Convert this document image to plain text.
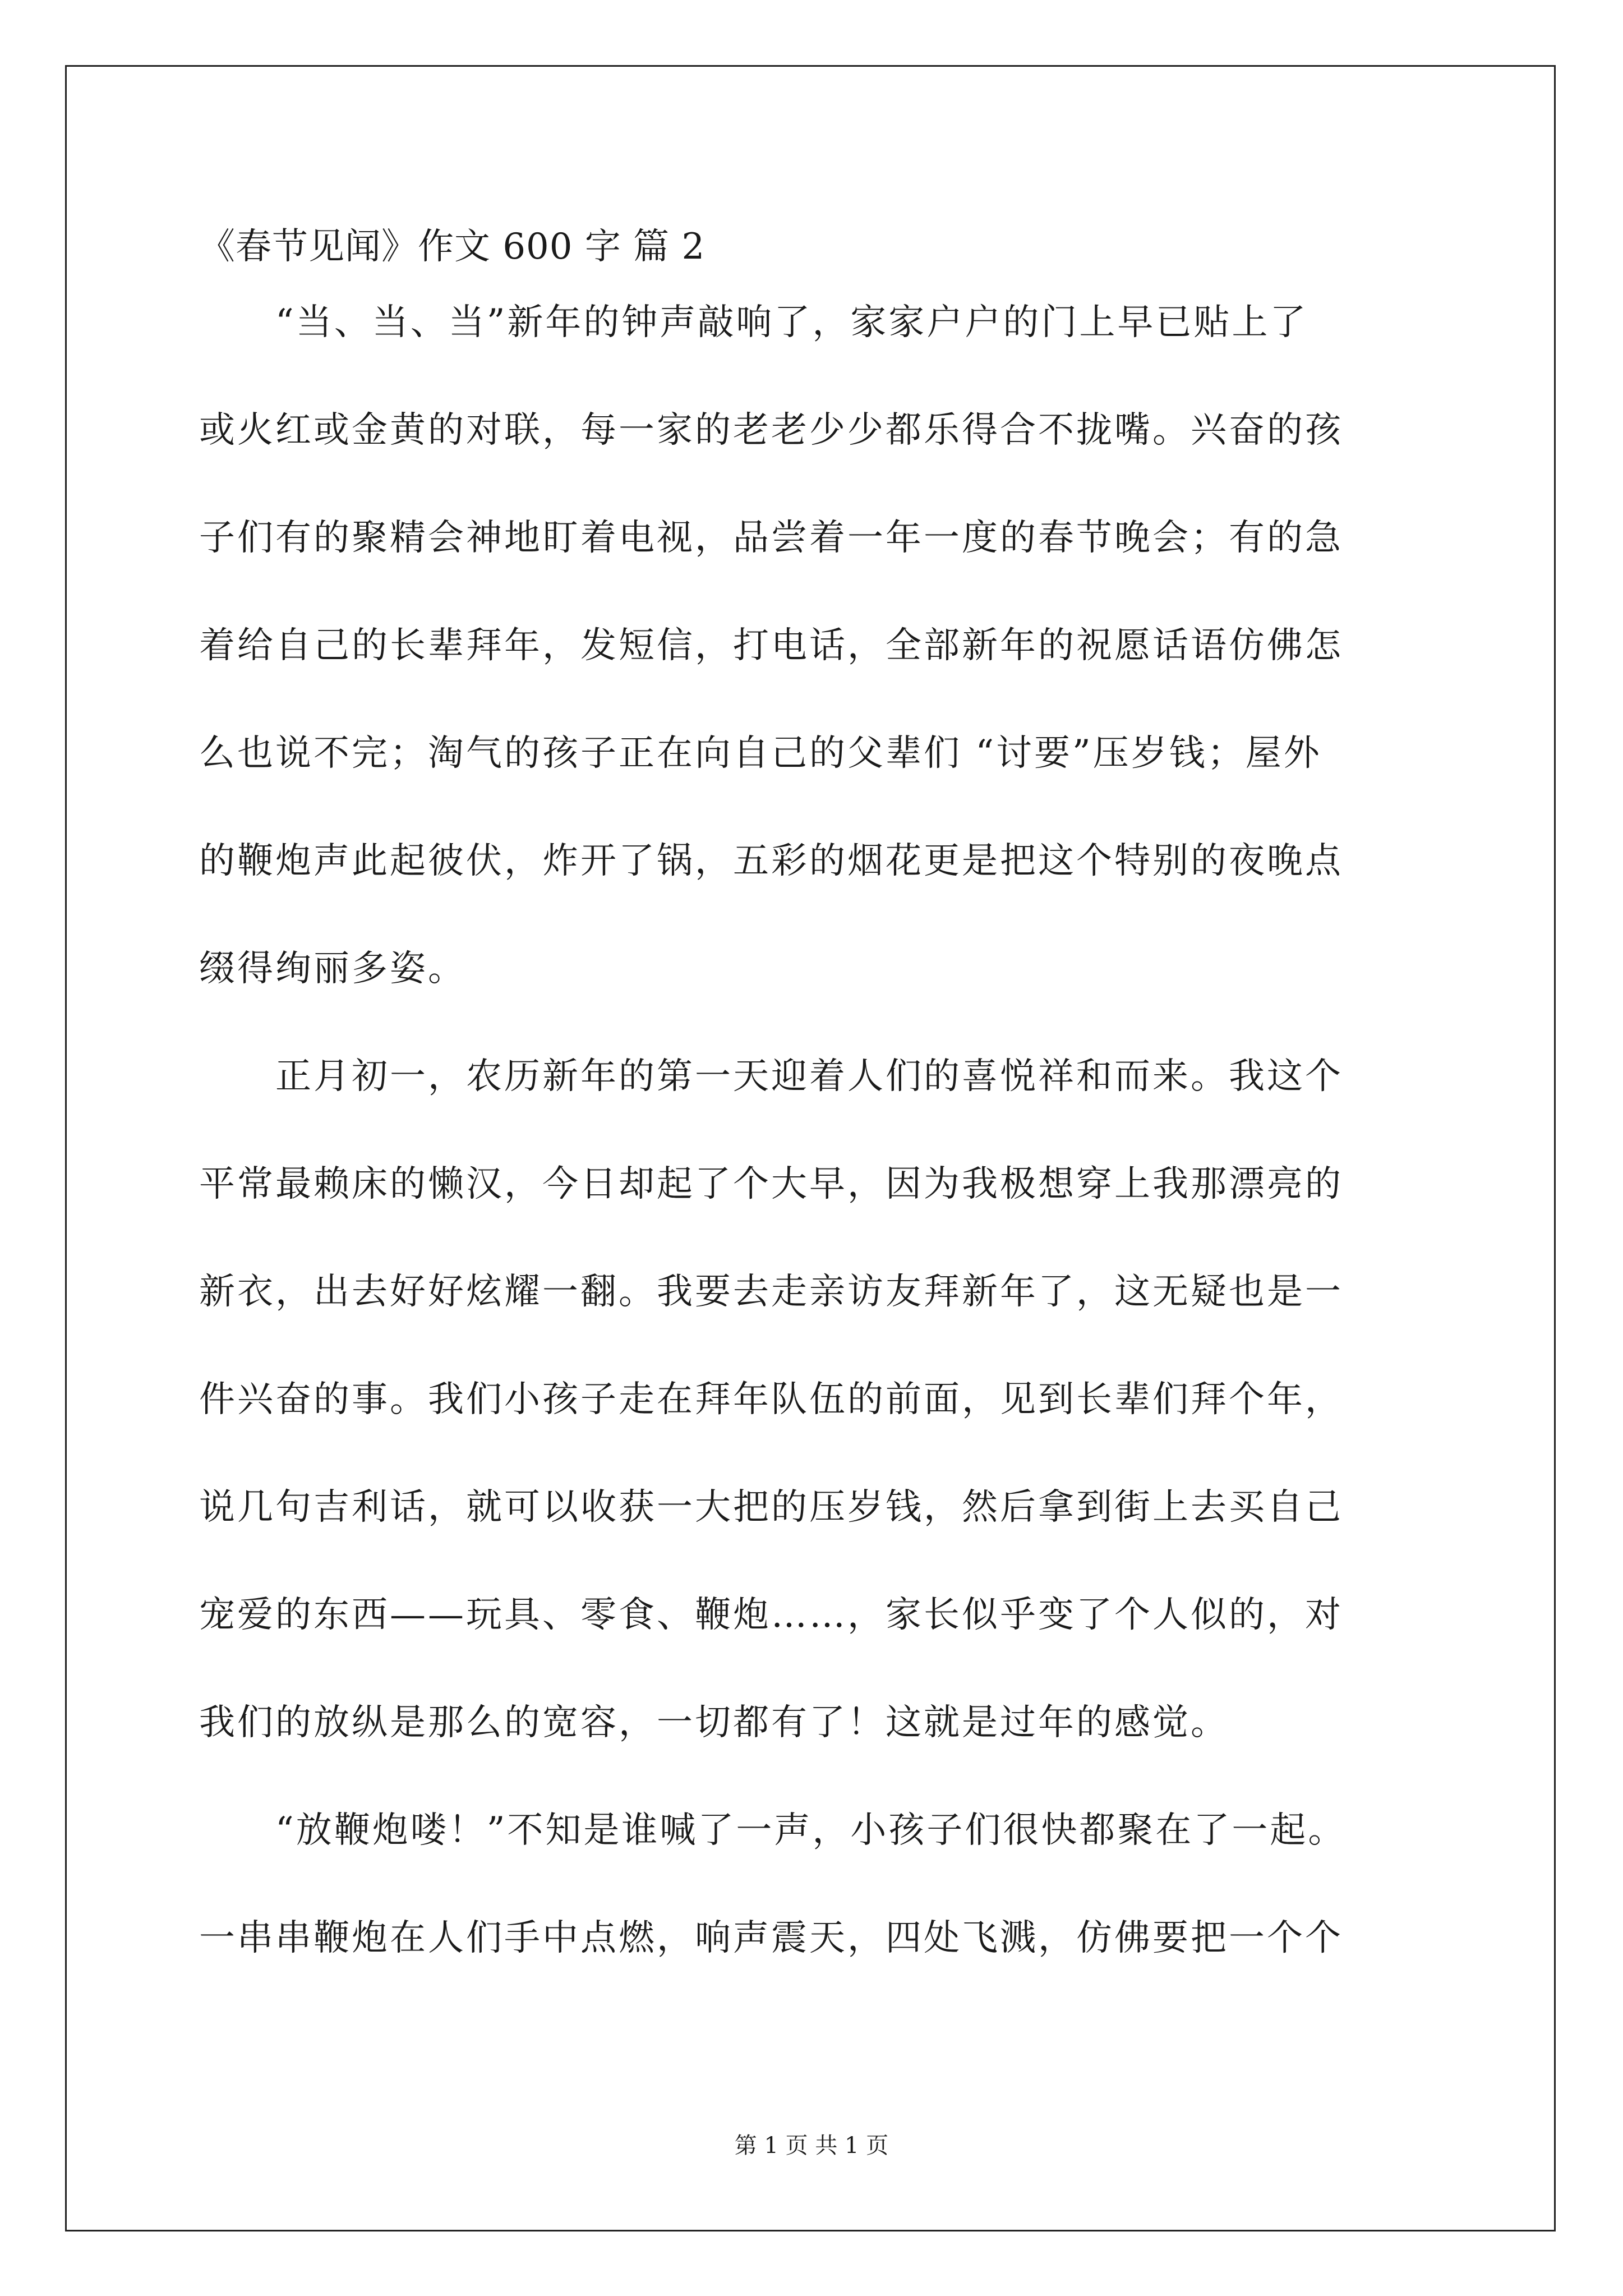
《春节见闻》作文 600 字 篇 2
　　“当、当、当”新年的钟声敲响了，家家户户的门上早已贴上了
或火红或金黄的对联，每一家的老老少少都乐得合不拢嘴。兴奋的孩
子们有的聚精会神地盯着电视，品尝着一年一度的春节晚会；有的急
着给自己的长辈拜年，发短信，打电话，全部新年的祝愿话语仿佛怎
么也说不完；淘气的孩子正在向自己的父辈们 “讨要”压岁钱；屋外
的鞭炮声此起彼伏，炸开了锅，五彩的烟花更是把这个特别的夜晚点
缀得绚丽多姿。
　　正月初一，农历新年的第一天迎着人们的喜悦祥和而来。我这个
平常最赖床的懒汉，今日却起了个大早，因为我极想穿上我那漂亮的
新衣，出去好好炫耀一翻。我要去走亲访友拜新年了，这无疑也是一
件兴奋的事。我们小孩子走在拜年队伍的前面，见到长辈们拜个年，
说几句吉利话，就可以收获一大把的压岁钱，然后拿到街上去买自己
宠爱的东西——玩具、零食、鞭炮……，家长似乎变了个人似的，对
我们的放纵是那么的宽容，一切都有了！这就是过年的感觉。
　　“放鞭炮喽！”不知是谁喊了一声，小孩子们很快都聚在了一起。
一串串鞭炮在人们手中点燃，响声震天，四处飞溅，仿佛要把一个个
第 1 页 共 1 页
